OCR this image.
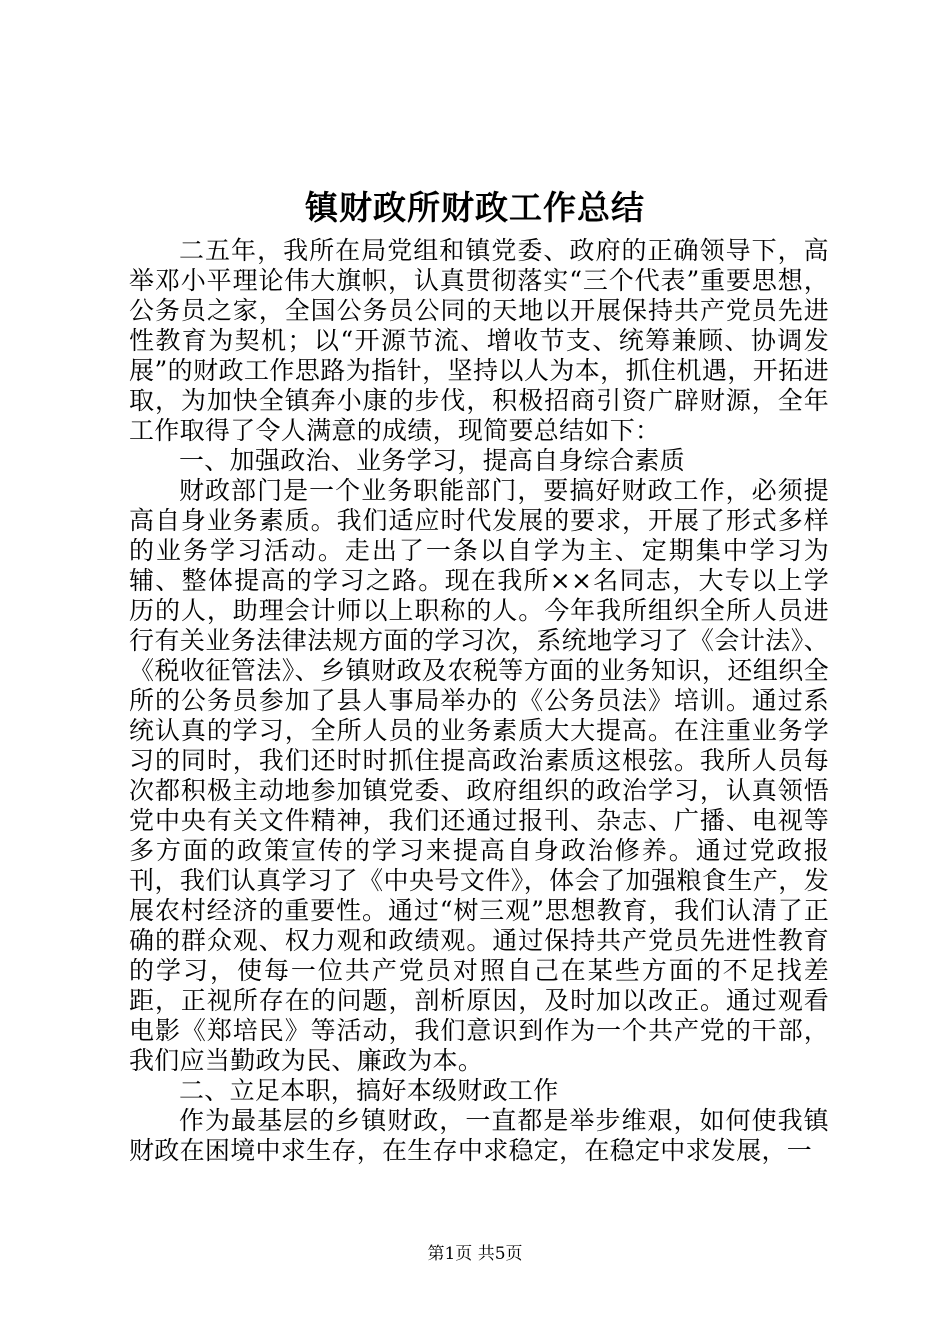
镇财政所财政工作总结

二五年，我所在局党组和镇党委、政府的正确领导下，高举邓小平理论伟大旗帜，认真贯彻落实“三个代表”重要思想，公务员之家，全国公务员公同的天地以开展保持共产党员先进性教育为契机；以“开源节流、增收节支、统筹兼顾、协调发展”的财政工作思路为指针，坚持以人为本，抓住机遇，开拓进取，为加快全镇奔小康的步伐，积极招商引资广辟财源，全年工作取得了令人满意的成绩，现简要总结如下：

一、加强政治、业务学习，提高自身综合素质

财政部门是一个业务职能部门，要搞好财政工作，必须提高自身业务素质。我们适应时代发展的要求，开展了形式多样的业务学习活动。走出了一条以自学为主、定期集中学习为辅、整体提高的学习之路。现在我所××名同志，大专以上学历的人，助理会计师以上职称的人。今年我所组织全所人员进行有关业务法律法规方面的学习次，系统地学习了《会计法》、《税收征管法》、乡镇财政及农税等方面的业务知识，还组织全所的公务员参加了县人事局举办的《公务员法》培训。通过系统认真的学习，全所人员的业务素质大大提高。在注重业务学习的同时，我们还时时抓住提高政治素质这根弦。我所人员每次都积极主动地参加镇党委、政府组织的政治学习，认真领悟党中央有关文件精神，我们还通过报刊、杂志、广播、电视等多方面的政策宣传的学习来提高自身政治修养。通过党政报刊，我们认真学习了《中央号文件》，体会了加强粮食生产，发展农村经济的重要性。通过“树三观”思想教育，我们认清了正确的群众观、权力观和政绩观。通过保持共产党员先进性教育的学习，使每一位共产党员对照自己在某些方面的不足找差距，正视所存在的问题，剖析原因，及时加以改正。通过观看电影《郑培民》等活动，我们意识到作为一个共产党的干部，我们应当勤政为民、廉政为本。

二、立足本职，搞好本级财政工作

作为最基层的乡镇财政，一直都是举步维艰，如何使我镇财政在困境中求生存，在生存中求稳定，在稳定中求发展，一

第1页 共5页
